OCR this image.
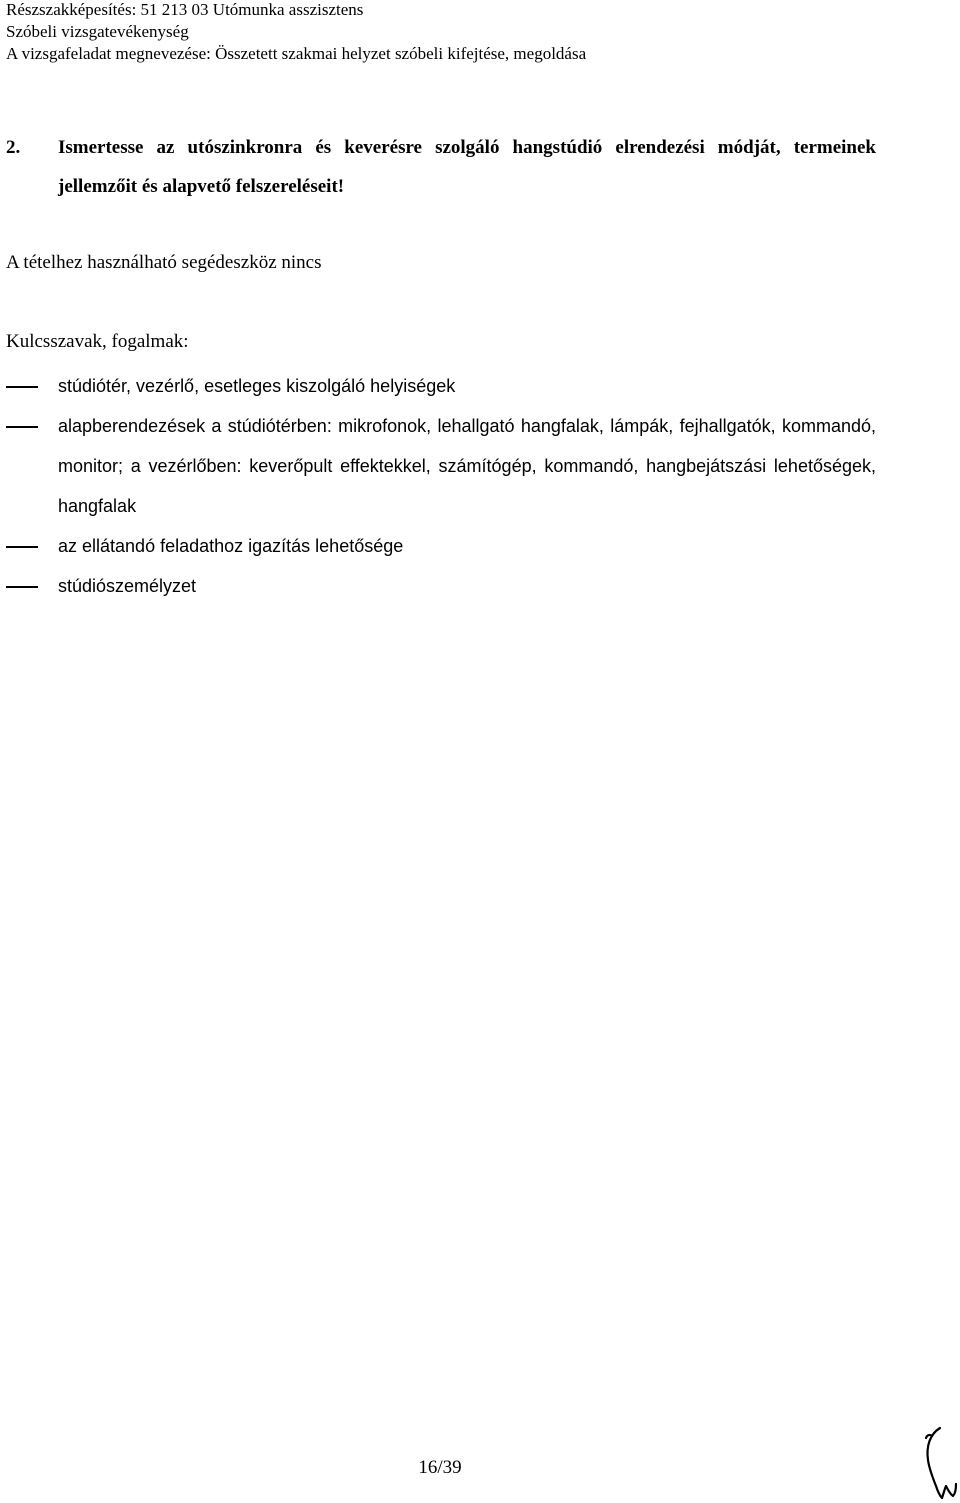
Részszakképesítés: 51 213 03 Utómunka asszisztens
Szóbeli vizsgatevékenység
A vizsgafeladat megnevezése: Összetett szakmai helyzet szóbeli kifejtése, megoldása
2. Ismertesse az utószinkronra és keverésre szolgáló hangstúdió elrendezési módját, termeinek jellemzőit és alapvető felszereléseit!
A tételhez használható segédeszköz nincs
Kulcsszavak, fogalmak:
stúdiótér, vezérlő, esetleges kiszolgáló helyiségek
alapberendezések a stúdiótérben: mikrofonok, lehallgató hangfalak, lámpák, fejhallgatók, kommandó, monitor; a vezérlőben: keverőpult effektekkel, számítógép, kommandó, hangbejátszási lehetőségek, hangfalak
az ellátandó feladathoz igazítás lehetősége
stúdiószemélyzet
16/39
